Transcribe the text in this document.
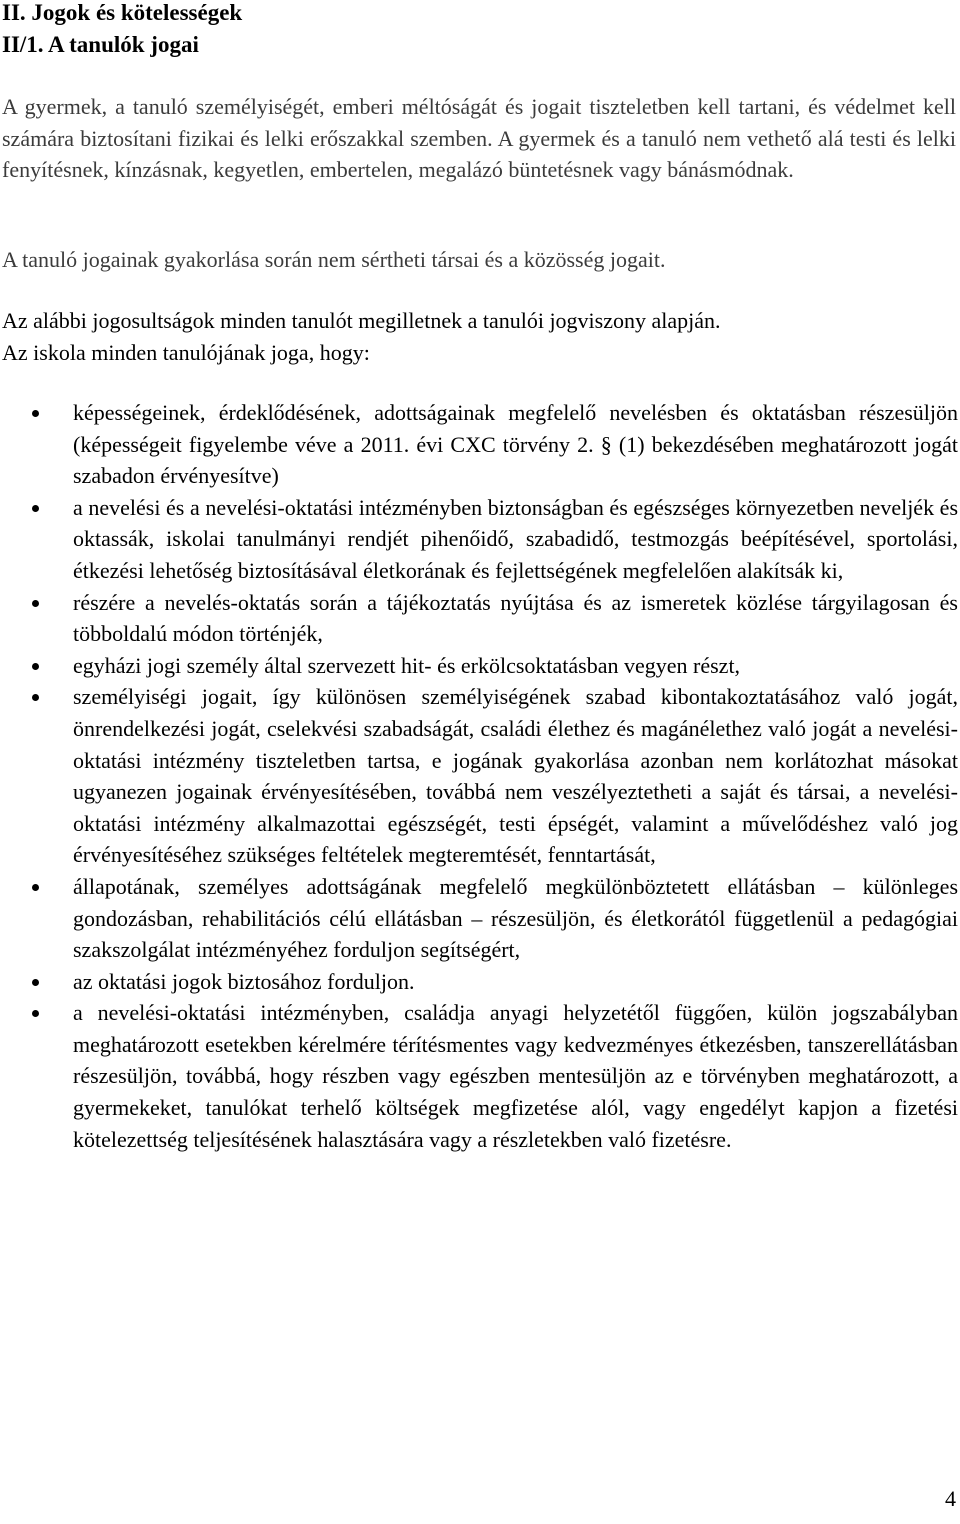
II. Jogok és kötelességek
II/1. A tanulók jogai
A gyermek, a tanuló személyiségét, emberi méltóságát és jogait tiszteletben kell tartani, és védelmet kell számára biztosítani fizikai és lelki erőszakkal szemben. A gyermek és a tanuló nem vethető alá testi és lelki fenyítésnek, kínzásnak, kegyetlen, embertelen, megalázó büntetésnek vagy bánásmódnak.
A tanuló jogainak gyakorlása során nem sértheti társai és a közösség jogait.
Az alábbi jogosultságok minden tanulót megilletnek a tanulói jogviszony alapján.
Az iskola minden tanulójának joga, hogy:
képességeinek, érdeklődésének, adottságainak megfelelő nevelésben és oktatásban részesüljön (képességeit figyelembe véve a 2011. évi CXC törvény 2. § (1) bekezdésében meghatározott jogát szabadon érvényesítve)
a nevelési és a nevelési-oktatási intézményben biztonságban és egészséges környezetben neveljék és oktassák, iskolai tanulmányi rendjét pihenőidő, szabadidő, testmozgás beépítésével, sportolási, étkezési lehetőség biztosításával életkorának és fejlettségének megfelelően alakítsák ki,
részére a nevelés-oktatás során a tájékoztatás nyújtása és az ismeretek közlése tárgyilagosan és többoldalú módon történjék,
egyházi jogi személy által szervezett hit- és erkölcsoktatásban vegyen részt,
személyiségi jogait, így különösen személyiségének szabad kibontakoztatásához való jogát, önrendelkezési jogát, cselekvési szabadságát, családi élethez és magánélethez való jogát a nevelési-oktatási intézmény tiszteletben tartsa, e jogának gyakorlása azonban nem korlátozhat másokat ugyanezen jogainak érvényesítésében, továbbá nem veszélyeztetheti a saját és társai, a nevelési-oktatási intézmény alkalmazottai egészségét, testi épségét, valamint a művelődéshez való jog érvényesítéséhez szükséges feltételek megteremtését, fenntartását,
állapotának, személyes adottságának megfelelő megkülönböztetett ellátásban – különleges gondozásban, rehabilitációs célú ellátásban – részesüljön, és életkorától függetlenül a pedagógiai szakszolgálat intézményéhez forduljon segítségért,
az oktatási jogok biztosához forduljon.
a nevelési-oktatási intézményben, családja anyagi helyzetétől függően, külön jogszabályban meghatározott esetekben kérelmére térítésmentes vagy kedvezményes étkezésben, tanszerellátásban részesüljön, továbbá, hogy részben vagy egészben mentesüljön az e törvényben meghatározott, a gyermekeket, tanulókat terhelő költségek megfizetése alól, vagy engedélyt kapjon a fizetési kötelezettség teljesítésének halasztására vagy a részletekben való fizetésre.
4
